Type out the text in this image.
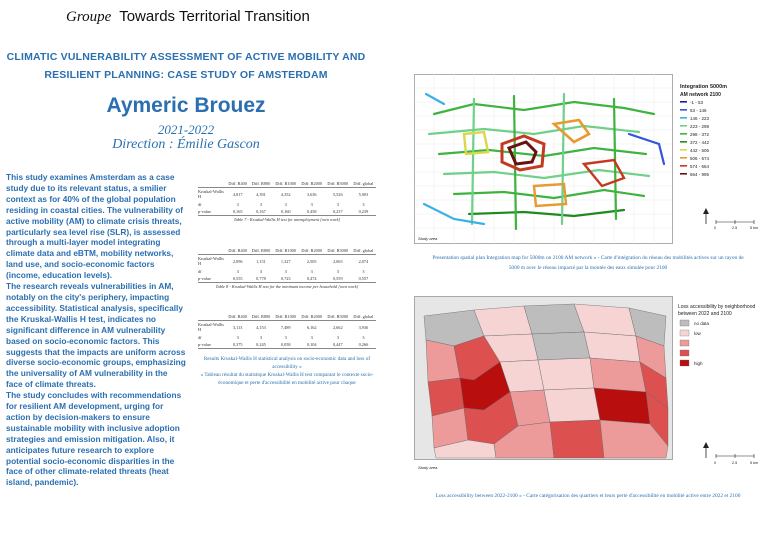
Groupe Towards Territorial Transition
CLIMATIC VULNERABILITY ASSESSMENT OF ACTIVE MOBILITY AND
RESILIENT PLANNING: CASE STUDY OF AMSTERDAM
Aymeric Brouez
2021-2022
Direction : Émilie Gascon

This study examines Amsterdam as a case study due to its relevant status, a smilier context as for 40% of the global population residing in coastal cities. The vulnerability of active mobility (AM) to climate crisis threats, particularly sea level rise (SLR), is assessed through a multi-layer model integrating climate data and eBTM, mobility networks, land use, and socio-economic factors (income, education levels).

The research reveals vulnerabilities in AM, notably on the city's periphery, impacting accessibility. Statistical analysis, specifically the Kruskal-Wallis H test, indicates no significant difference in AM vulnerability based on socio-economic factors. This suggests that the impacts are uniform across diverse socio-economic groups, emphasizing the universality of AM vulnerability in the face of climate threats.

The study concludes with recommendations for resilient AM development, urging for action by decision-makers to ensure sustainable mobility with inclusive adoption strategies and emission mitigation. Also, it anticipates future research to explore potential socio-economic disparities in the face of other climate-related threats (heat island, pandemic).

	Diff. R400	Diff. R800	Diff. R1000	Diff. R2000	Diff. R5000	Diff. global
Kruskal-Wallis H	4,817	4,391	4,352	3,636	5,526	5,903
df	3	3	3	3	3	3
p-value	0,165	0,167	0,160	0,458	0,237	0,239
Table 7 - Kruskal-Wallis H test for unemployment [own work]
	Diff. R400	Diff. R800	Diff. R1000	Diff. R2000	Diff. R5000	Diff. global
Kruskal-Wallis H	2,096	1,151	1,327	2,505	2,065	2,074
df	3	3	3	3	3	3
p-value	0,555	0,778	0,723	0,474	0,559	0,557
Table 8 - Kruskal-Wallis H test for the minimum income per household [own work]
	Diff. R400	Diff. R800	Diff. R1000	Diff. R2000	Diff. R5000	Diff. global
Kruskal-Wallis H	3,113	4,153	7,489	6,162	2,662	3,936
df	3	3	3	3	3	3
p-value	0,375	0,245	0,058	0,104	0,447	0,266
Results Kruskal-Wallis H statistical analysis on socio-economic data and loss of accessibility »
« Tableau résultat du statistique Kruskal-Wallis H test comparant le contexte socio-économique et perte d'accessibilité en mobilité active pour chaque
Integration 5000m
AM network 2100
-1 - 53
53 - 146
146 - 223
223 - 298
298 - 372
372 - 442
442 - 506
506 - 574
574 - 664
664 - 995
0	2.5	5 km
Study area
Presentation spatial plan Integration map for 5000m on 2100 AM network » - Carte d'intégration du réseau des mobilités actives sur un rayon de
5000 m avec le réseau impacté par la montée des eaux simulée pour 2100
Loss accessibility by neighborhood
between 2022 and 2100
no data
low
high
0	2.5	5 km
Study area
Loss accessibility between 2022-2100 » - Carte catégorisation des quartiers et leurs perte d'accessibilité en mobilité active entre 2022 et 2100
